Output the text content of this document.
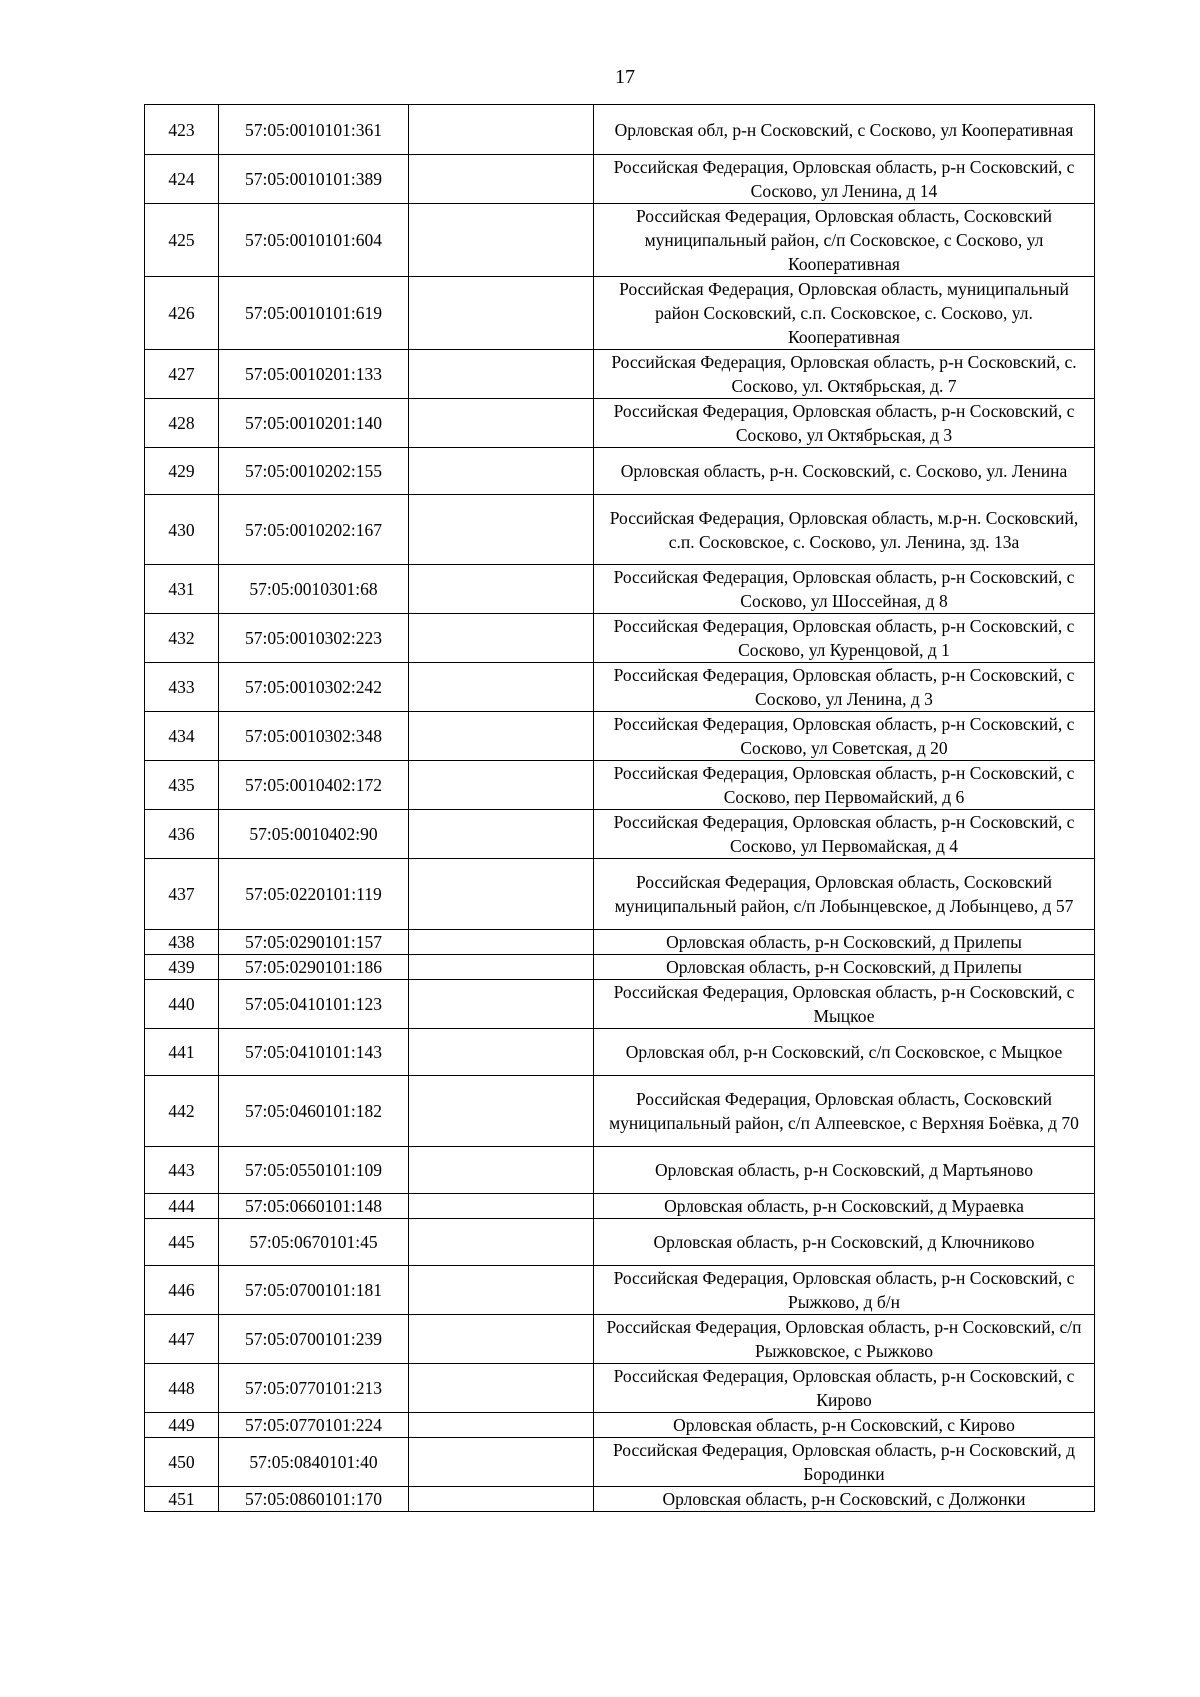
17
423	57:05:0010101:361		Орловская обл, р-н Сосковский, с Сосково, ул Кооперативная
424	57:05:0010101:389		Российская Федерация, Орловская область, р-н Сосковский, с Сосково, ул Ленина, д 14
425	57:05:0010101:604		Российская Федерация, Орловская область, Сосковский муниципальный район, с/п Сосковское, с Сосково, ул Кооперативная
426	57:05:0010101:619		Российская Федерация, Орловская область, муниципальный район Сосковский, с.п. Сосковское, с. Сосково, ул. Кооперативная
427	57:05:0010201:133		Российская Федерация, Орловская область, р-н Сосковский, с. Сосково, ул. Октябрьская, д. 7
428	57:05:0010201:140		Российская Федерация, Орловская область, р-н Сосковский, с Сосково, ул Октябрьская, д 3
429	57:05:0010202:155		Орловская область, р-н. Сосковский, с. Сосково, ул. Ленина
430	57:05:0010202:167		Российская Федерация, Орловская область, м.р-н. Сосковский, с.п. Сосковское, с. Сосково, ул. Ленина, зд. 13а
431	57:05:0010301:68		Российская Федерация, Орловская область, р-н Сосковский, с Сосково, ул Шоссейная, д 8
432	57:05:0010302:223		Российская Федерация, Орловская область, р-н Сосковский, с Сосково, ул Куренцовой, д 1
433	57:05:0010302:242		Российская Федерация, Орловская область, р-н Сосковский, с Сосково, ул Ленина, д 3
434	57:05:0010302:348		Российская Федерация, Орловская область, р-н Сосковский, с Сосково, ул Советская, д 20
435	57:05:0010402:172		Российская Федерация, Орловская область, р-н Сосковский, с Сосково, пер Первомайский, д 6
436	57:05:0010402:90		Российская Федерация, Орловская область, р-н Сосковский, с Сосково, ул Первомайская, д 4
437	57:05:0220101:119		Российская Федерация, Орловская область, Сосковский муниципальный район, с/п Лобынцевское, д Лобынцево, д 57
438	57:05:0290101:157		Орловская область, р-н Сосковский, д Прилепы
439	57:05:0290101:186		Орловская область, р-н Сосковский, д Прилепы
440	57:05:0410101:123		Российская Федерация, Орловская область, р-н Сосковский, с Мыцкое
441	57:05:0410101:143		Орловская обл, р-н Сосковский, с/п Сосковское, с Мыцкое
442	57:05:0460101:182		Российская Федерация, Орловская область, Сосковский муниципальный район, с/п Алпеевское, с Верхняя Боёвка, д 70
443	57:05:0550101:109		Орловская область, р-н Сосковский, д Мартьяново
444	57:05:0660101:148		Орловская область, р-н Сосковский, д Мураевка
445	57:05:0670101:45		Орловская область, р-н Сосковский, д Ключниково
446	57:05:0700101:181		Российская Федерация, Орловская область, р-н Сосковский, с Рыжково, д б/н
447	57:05:0700101:239		Российская Федерация, Орловская область, р-н Сосковский, с/п Рыжковское, с Рыжково
448	57:05:0770101:213		Российская Федерация, Орловская область, р-н Сосковский, с Кирово
449	57:05:0770101:224		Орловская область, р-н Сосковский, с Кирово
450	57:05:0840101:40		Российская Федерация, Орловская область, р-н Сосковский, д Бородинки
451	57:05:0860101:170		Орловская область, р-н Сосковский, с Должонки
